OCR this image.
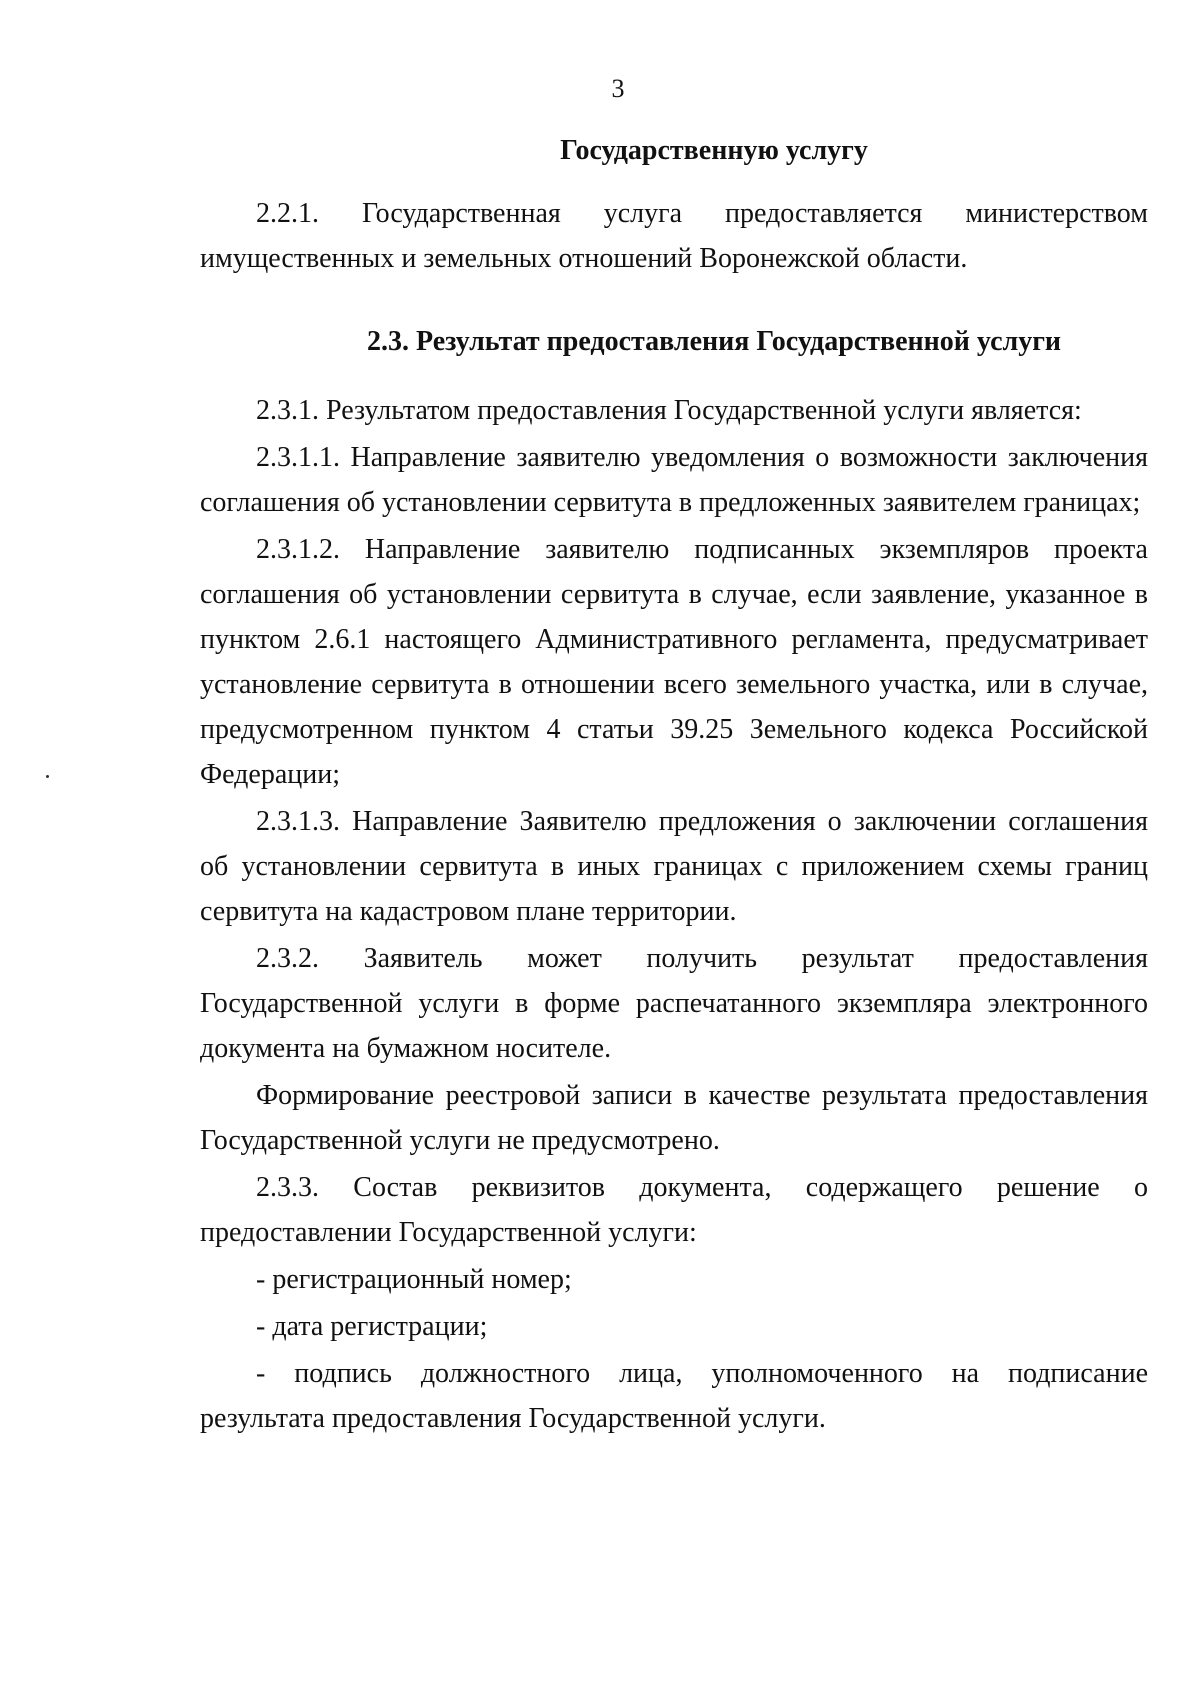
3
Государственную услугу

2.2.1. Государственная услуга предоставляется министерством имущественных и земельных отношений Воронежской области.

2.3. Результат предоставления Государственной услуги

2.3.1. Результатом предоставления Государственной услуги является:

2.3.1.1. Направление заявителю уведомления о возможности заключения соглашения об установлении сервитута в предложенных заявителем границах;

2.3.1.2. Направление заявителю подписанных экземпляров проекта соглашения об установлении сервитута в случае, если заявление, указанное в пунктом 2.6.1 настоящего Административного регламента, предусматривает установление сервитута в отношении всего земельного участка, или в случае, предусмотренном пунктом 4 статьи 39.25 Земельного кодекса Российской Федерации;

2.3.1.3. Направление Заявителю предложения о заключении соглашения об установлении сервитута в иных границах с приложением схемы границ сервитута на кадастровом плане территории.

2.3.2. Заявитель может получить результат предоставления Государственной услуги в форме распечатанного экземпляра электронного документа на бумажном носителе.

Формирование реестровой записи в качестве результата предоставления Государственной услуги не предусмотрено.

2.3.3. Состав реквизитов документа, содержащего решение о предоставлении Государственной услуги:

- регистрационный номер;

- дата регистрации;

- подпись должностного лица, уполномоченного на подписание результата предоставления Государственной услуги.
